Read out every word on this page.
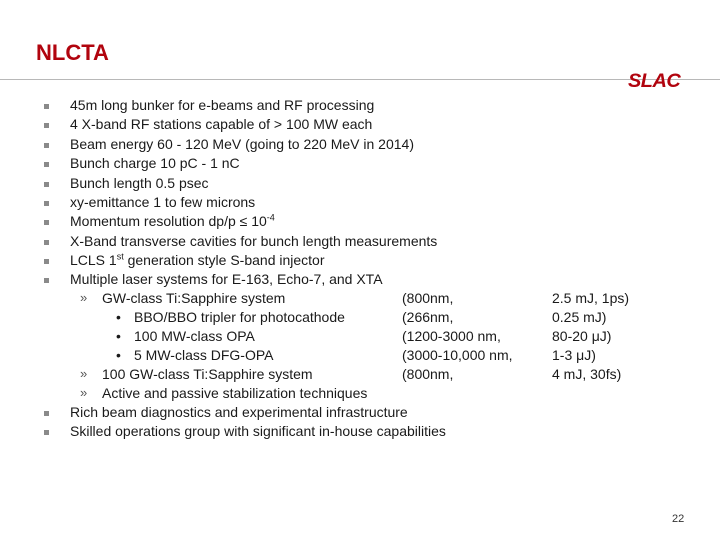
NLCTA
SLAC
45m long bunker for e-beams and RF processing
4 X-band RF stations capable of > 100 MW each
Beam energy 60 - 120 MeV (going to 220 MeV in 2014)
Bunch charge 10 pC - 1 nC
Bunch length 0.5 psec
xy-emittance 1 to few microns
Momentum resolution $dp/p \le 10^{-4}$
X-Band transverse cavities for bunch length measurements
LCLS 1st generation style S-band injector
Multiple laser systems for E-163, Echo-7, and XTA
» GW-class Ti:Sapphire system	(800nm,	2.5 mJ, 1ps)
• BBO/BBO tripler for photocathode	(266nm,	0.25 mJ)
• 100 MW-class OPA	(1200-3000 nm,	80-20 μJ)
• 5 MW-class DFG-OPA	(3000-10,000 nm,	1-3 μJ)
» 100 GW-class Ti:Sapphire system	(800nm,	4 mJ, 30fs)
» Active and passive stabilization techniques
Rich beam diagnostics and experimental infrastructure
Skilled operations group with significant in-house capabilities
22
